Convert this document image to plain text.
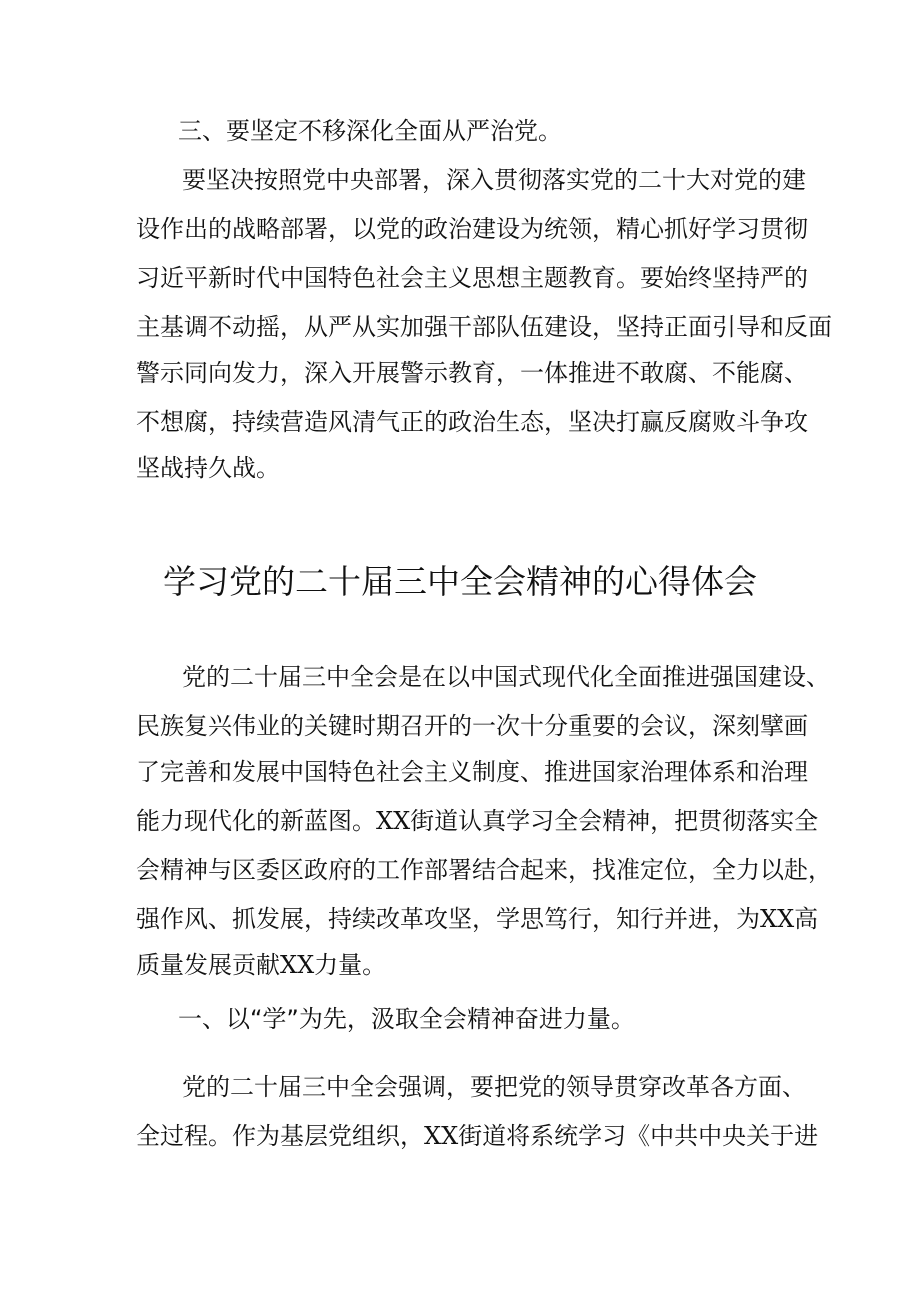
三、要坚定不移深化全面从严治党。
要坚决按照党中央部署，深入贯彻落实党的二十大对党的建
设作出的战略部署，以党的政治建设为统领，精心抓好学习贯彻
习近平新时代中国特色社会主义思想主题教育。要始终坚持严的
主基调不动摇，从严从实加强干部队伍建设，坚持正面引导和反面
警示同向发力，深入开展警示教育，一体推进不敢腐、不能腐、
不想腐，持续营造风清气正的政治生态，坚决打赢反腐败斗争攻
坚战持久战。
学习党的二十届三中全会精神的心得体会
党的二十届三中全会是在以中国式现代化全面推进强国建设、
民族复兴伟业的关键时期召开的一次十分重要的会议，深刻擘画
了完善和发展中国特色社会主义制度、推进国家治理体系和治理
能力现代化的新蓝图。XX街道认真学习全会精神，把贯彻落实全
会精神与区委区政府的工作部署结合起来，找准定位，全力以赴，
强作风、抓发展，持续改革攻坚，学思笃行，知行并进，为XX高
质量发展贡献XX力量。
一、以“学”为先，汲取全会精神奋进力量。
党的二十届三中全会强调，要把党的领导贯穿改革各方面、
全过程。作为基层党组织，XX街道将系统学习《中共中央关于进
